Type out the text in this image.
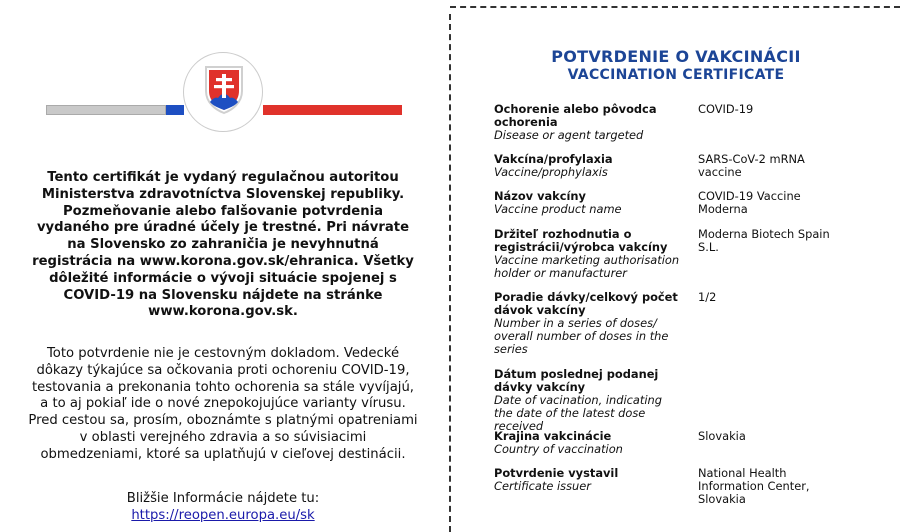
Tento certifikát je vydaný regulačnou autoritou Ministerstva zdravotníctva Slovenskej republiky. Pozmeňovanie alebo falšovanie potvrdenia vydaného pre úradné účely je trestné. Pri návrate na Slovensko zo zahraničia je nevyhnutná registrácia na www.korona.gov.sk/ehranica. Všetky dôležité informácie o vývoji situácie spojenej s COVID-19 na Slovensku nájdete na stránke www.korona.gov.sk.
Toto potvrdenie nie je cestovným dokladom. Vedecké dôkazy týkajúce sa očkovania proti ochoreniu COVID-19, testovania a prekonania tohto ochorenia sa stále vyvíjajú, a to aj pokiaľ ide o nové znepokojujúce varianty vírusu. Pred cestou sa, prosím, oboznámte s platnými opatreniami v oblasti verejného zdravia a so súvisiacimi obmedzeniami, ktoré sa uplatňujú v cieľovej destinácii.
Bližšie Informácie nájdete tu:
https://reopen.europa.eu/sk
POTVRDENIE O VAKCINÁCII
VACCINATION CERTIFICATE
Ochorenie alebo pôvodca ochorenia
Disease or agent targeted
COVID-19
Vakcína/profylaxia
Vaccine/prophylaxis
SARS-CoV-2 mRNA vaccine
Názov vakcíny
Vaccine product name
COVID-19 Vaccine Moderna
Držiteľ rozhodnutia o registrácii/výrobca vakcíny
Vaccine marketing authorisation holder or manufacturer
Moderna Biotech Spain S.L.
Poradie dávky/celkový počet dávok vakcíny
Number in a series of doses/ overall number of doses in the series
1/2
Dátum poslednej podanej dávky vakcíny
Date of vacination, indicating the date of the latest dose received
Krajina vakcinácie
Country of vaccination
Slovakia
Potvrdenie vystavil
Certificate issuer
National Health Information Center, Slovakia
